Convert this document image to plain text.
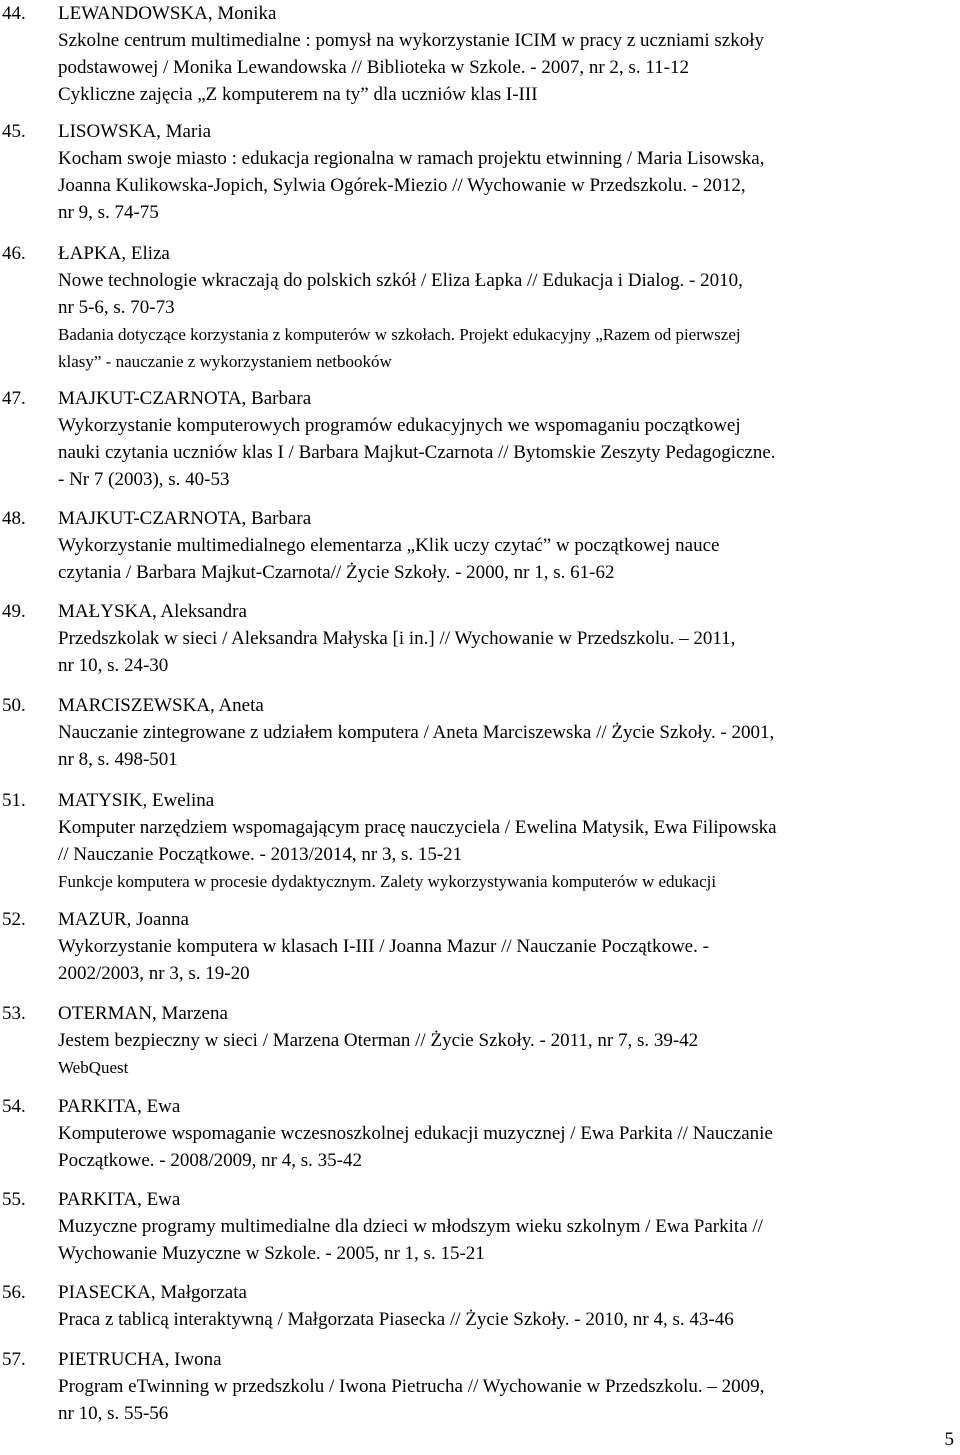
44. LEWANDOWSKA, Monika
Szkolne centrum multimedialne : pomysł na wykorzystanie ICIM w pracy z uczniami szkoły
podstawowej / Monika Lewandowska // Biblioteka w Szkole. - 2007, nr 2, s. 11-12
Cykliczne zajęcia „Z komputerem na ty” dla uczniów klas I-III
45. LISOWSKA, Maria
Kocham swoje miasto : edukacja regionalna w ramach projektu etwinning / Maria Lisowska,
Joanna Kulikowska-Jopich, Sylwia Ogórek-Miezio // Wychowanie w Przedszkolu. - 2012,
nr 9, s. 74-75
46. ŁAPKA, Eliza
Nowe technologie wkraczają do polskich szkół / Eliza Łapka // Edukacja i Dialog. - 2010,
nr 5-6, s. 70-73
Badania dotyczące korzystania z komputerów w szkołach. Projekt edukacyjny „Razem od pierwszej
klasy” - nauczanie z wykorzystaniem netbooków
47. MAJKUT-CZARNOTA, Barbara
Wykorzystanie komputerowych programów edukacyjnych we wspomaganiu początkowej
nauki czytania uczniów klas I / Barbara Majkut-Czarnota // Bytomskie Zeszyty Pedagogiczne.
- Nr 7 (2003), s. 40-53
48. MAJKUT-CZARNOTA, Barbara
Wykorzystanie multimedialnego elementarza „Klik uczy czytać” w początkowej nauce
czytania / Barbara Majkut-Czarnota// Życie Szkoły. - 2000, nr 1, s. 61-62
49. MAŁYSKA, Aleksandra
Przedszkolak w sieci / Aleksandra Małyska [i in.] // Wychowanie w Przedszkolu. – 2011,
nr 10, s. 24-30
50. MARCISZEWSKA, Aneta
Nauczanie zintegrowane z udziałem komputera / Aneta Marciszewska // Życie Szkoły. - 2001,
nr 8, s. 498-501
51. MATYSIK, Ewelina
Komputer narzędziem wspomagającym pracę nauczyciela / Ewelina Matysik, Ewa Filipowska
// Nauczanie Początkowe. - 2013/2014, nr 3, s. 15-21
Funkcje komputera w procesie dydaktycznym. Zalety wykorzystywania komputerów w edukacji
52. MAZUR, Joanna
Wykorzystanie komputera w klasach I-III / Joanna Mazur // Nauczanie Początkowe. -
2002/2003, nr 3, s. 19-20
53. OTERMAN, Marzena
Jestem bezpieczny w sieci / Marzena Oterman // Życie Szkoły. - 2011, nr 7, s. 39-42
WebQuest
54. PARKITA, Ewa
Komputerowe wspomaganie wczesnoszkolnej edukacji muzycznej / Ewa Parkita // Nauczanie
Początkowe. - 2008/2009, nr 4, s. 35-42
55. PARKITA, Ewa
Muzyczne programy multimedialne dla dzieci w młodszym wieku szkolnym / Ewa Parkita //
Wychowanie Muzyczne w Szkole. - 2005, nr 1, s. 15-21
56. PIASECKA, Małgorzata
Praca z tablicą interaktywną / Małgorzata Piasecka // Życie Szkoły. - 2010, nr 4, s. 43-46
57. PIETRUCHA, Iwona
Program eTwinning w przedszkolu / Iwona Pietrucha // Wychowanie w Przedszkolu. – 2009,
nr 10, s. 55-56
5
